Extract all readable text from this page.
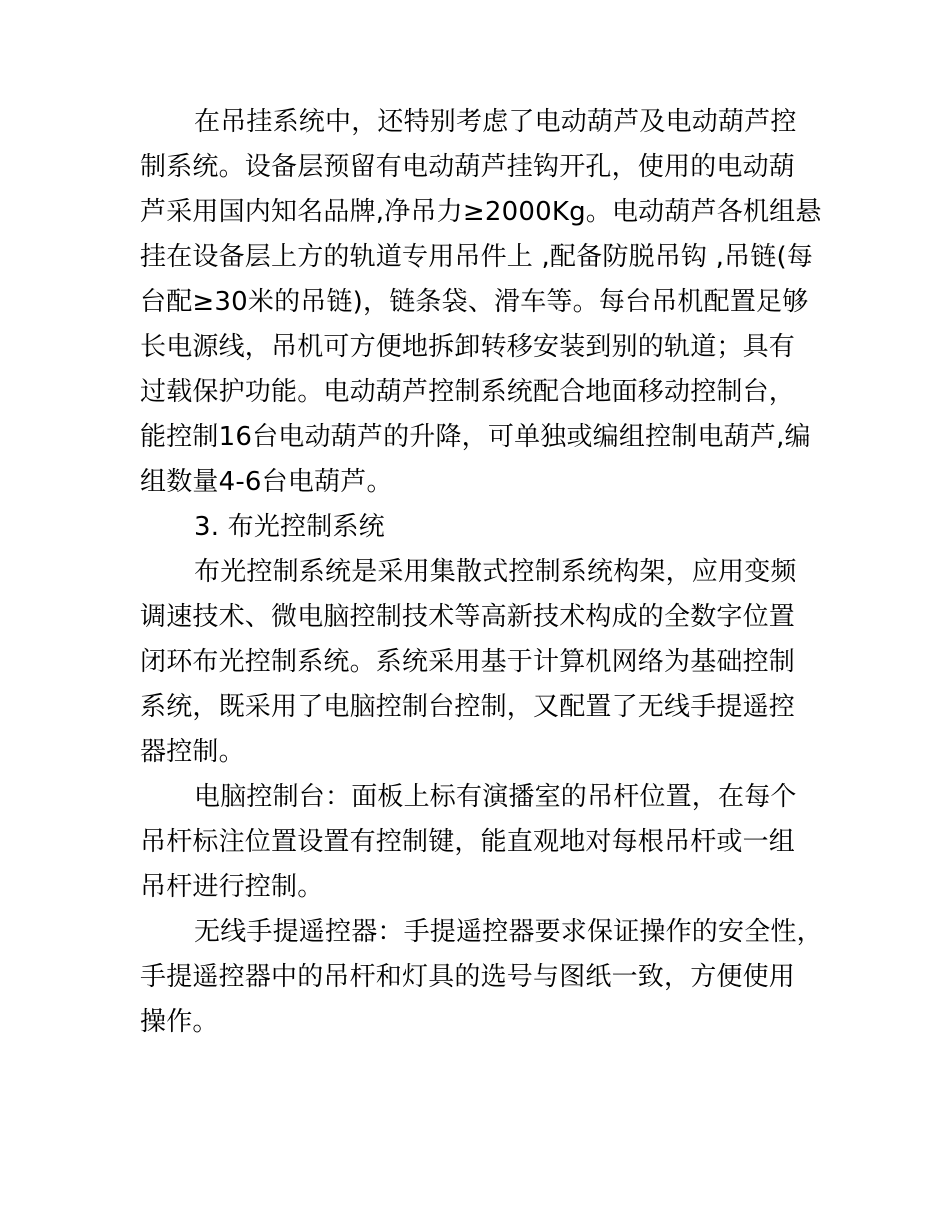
在吊挂系统中，还特别考虑了电动葫芦及电动葫芦控
制系统。设备层预留有电动葫芦挂钩开孔，使用的电动葫
芦采用国内知名品牌,净吊力≥2000Kg。电动葫芦各机组悬
挂在设备层上方的轨道专用吊件上 ,配备防脱吊钩 ,吊链(每
台配≥30米的吊链)，链条袋、滑车等。每台吊机配置足够
长电源线，吊机可方便地拆卸转移安装到别的轨道；具有
过载保护功能。电动葫芦控制系统配合地面移动控制台，
能控制16台电动葫芦的升降，可单独或编组控制电葫芦,编
组数量4-6台电葫芦。
3. 布光控制系统
布光控制系统是采用集散式控制系统构架，应用变频
调速技术、微电脑控制技术等高新技术构成的全数字位置
闭环布光控制系统。系统采用基于计算机网络为基础控制
系统，既采用了电脑控制台控制，又配置了无线手提遥控
器控制。
电脑控制台：面板上标有演播室的吊杆位置，在每个
吊杆标注位置设置有控制键，能直观地对每根吊杆或一组
吊杆进行控制。
无线手提遥控器：手提遥控器要求保证操作的安全性，
手提遥控器中的吊杆和灯具的选号与图纸一致，方便使用
操作。
